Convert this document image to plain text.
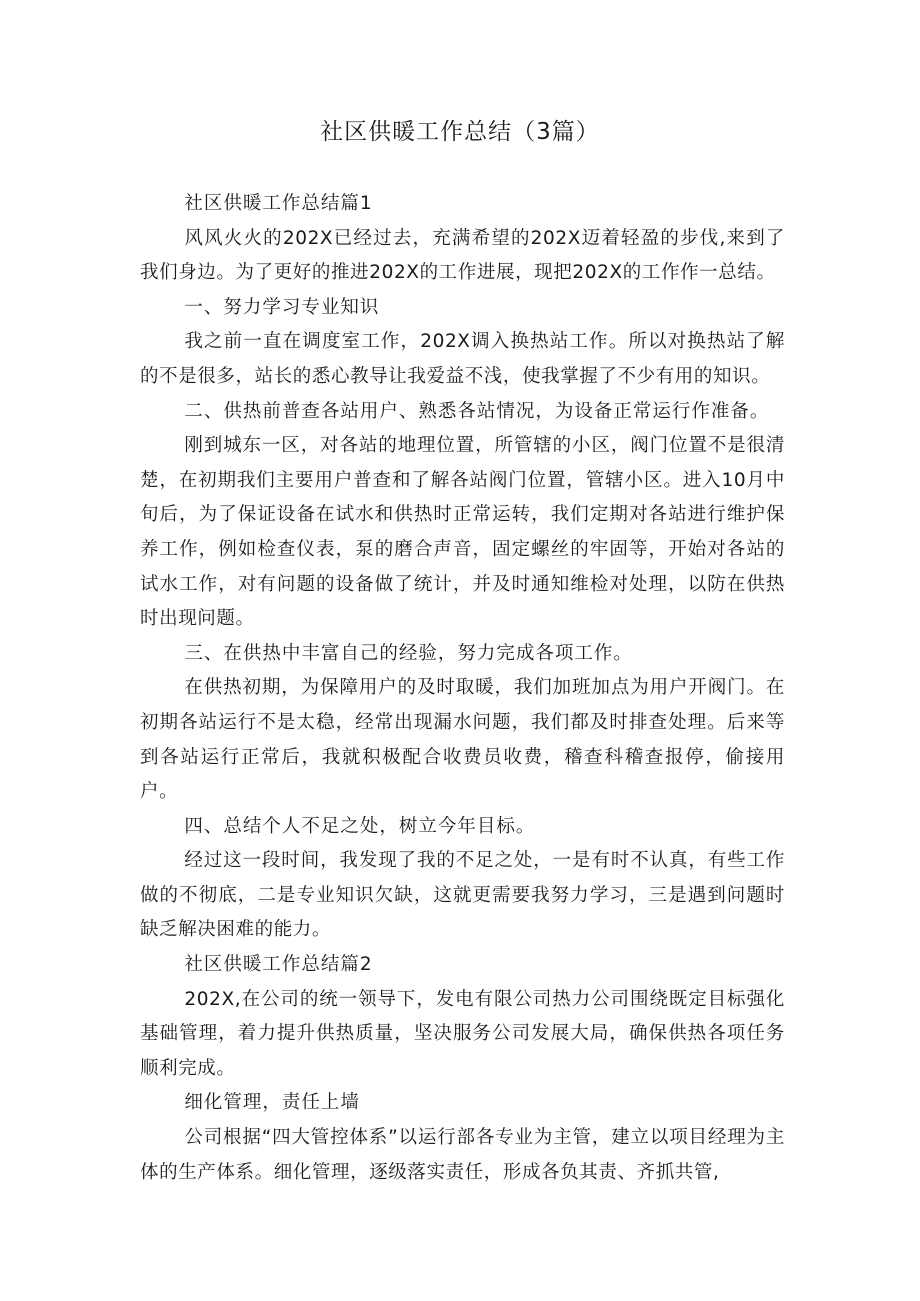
社区供暖工作总结（3篇）

社区供暖工作总结篇1

风风火火的202X已经过去，充满希望的202X迈着轻盈的步伐,来到了我们身边。为了更好的推进202X的工作进展，现把202X的工作作一总结。

一、努力学习专业知识

我之前一直在调度室工作，202X调入换热站工作。所以对换热站了解的不是很多，站长的悉心教导让我爱益不浅，使我掌握了不少有用的知识。

二、供热前普查各站用户、熟悉各站情况，为设备正常运行作准备。

刚到城东一区，对各站的地理位置，所管辖的小区，阀门位置不是很清楚，在初期我们主要用户普查和了解各站阀门位置，管辖小区。进入10月中旬后，为了保证设备在试水和供热时正常运转，我们定期对各站进行维护保养工作，例如检查仪表，泵的磨合声音，固定螺丝的牢固等，开始对各站的试水工作，对有问题的设备做了统计，并及时通知维检对处理，以防在供热时出现问题。

三、在供热中丰富自己的经验，努力完成各项工作。

在供热初期，为保障用户的及时取暖，我们加班加点为用户开阀门。在初期各站运行不是太稳，经常出现漏水问题，我们都及时排查处理。后来等到各站运行正常后，我就积极配合收费员收费，稽查科稽查报停，偷接用户。

四、总结个人不足之处，树立今年目标。

经过这一段时间，我发现了我的不足之处，一是有时不认真，有些工作做的不彻底，二是专业知识欠缺，这就更需要我努力学习，三是遇到问题时缺乏解决困难的能力。

社区供暖工作总结篇2

202X,在公司的统一领导下，发电有限公司热力公司围绕既定目标强化基础管理，着力提升供热质量，坚决服务公司发展大局，确保供热各项任务顺利完成。

细化管理，责任上墙

公司根据“四大管控体系”以运行部各专业为主管，建立以项目经理为主体的生产体系。细化管理，逐级落实责任，形成各负其责、齐抓共管,
